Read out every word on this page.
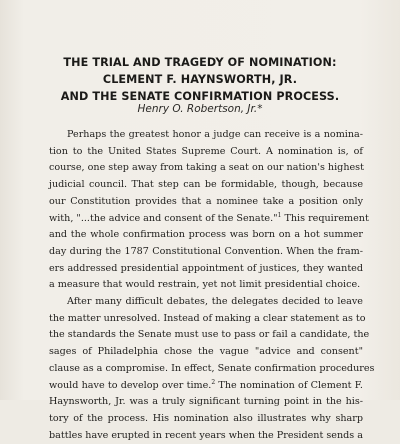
THE TRIAL AND TRAGEDY OF NOMINATION:
CLEMENT F. HAYNSWORTH, JR.
AND THE SENATE CONFIRMATION PROCESS.
Henry O. Robertson, Jr.*

Perhaps the greatest honor a judge can receive is a nomina-
tion to the United States Supreme Court. A nomination is, of
course, one step away from taking a seat on our nation's highest
judicial council. That step can be formidable, though, because
our Constitution provides that a nominee take a position only
with, "...the advice and consent of the Senate."$^1$ This requirement
and the whole confirmation process was born on a hot summer
day during the 1787 Constitutional Convention. When the fram-
ers addressed presidential appointment of justices, they wanted
a measure that would restrain, yet not limit presidential choice.

After many difficult debates, the delegates decided to leave
the matter unresolved. Instead of making a clear statement as to
the standards the Senate must use to pass or fail a candidate, the
sages of Philadelphia chose the vague "advice and consent"
clause as a compromise. In effect, Senate confirmation procedures
would have to develop over time.$^2$ The nomination of Clement F.
Haynsworth, Jr. was a truly significant turning point in the his-
tory of the process. His nomination also illustrates why sharp
battles have erupted in recent years when the President sends a
